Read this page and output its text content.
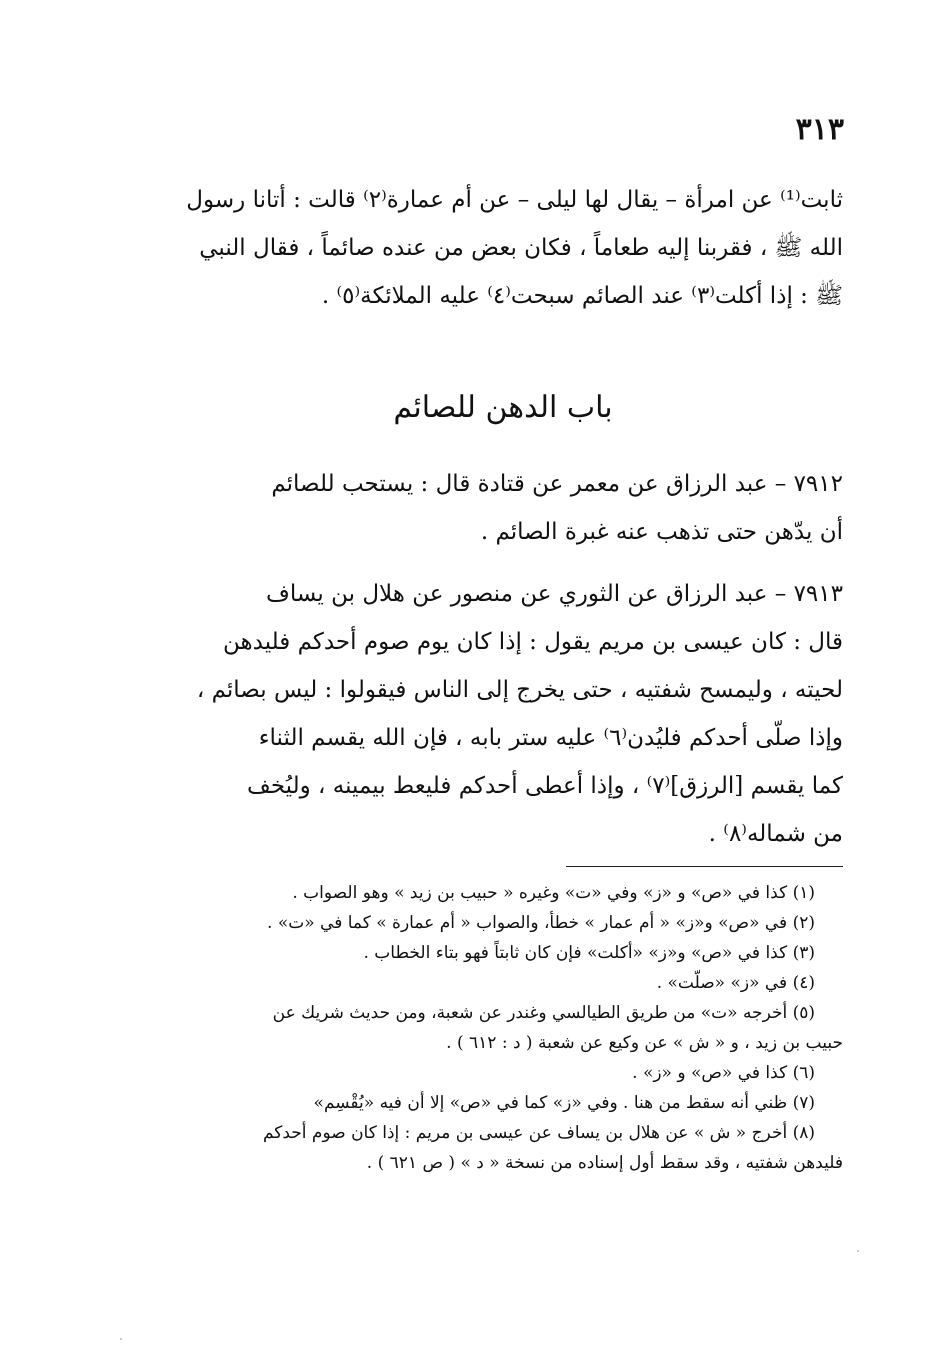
٣١٣
ثابت⁽¹⁾ عن امرأة – يقال لها ليلى – عن أم عمارة⁽٢⁾ قالت : أتانا رسول
الله ﷺ ، فقربنا إليه طعاماً ، فكان بعض من عنده صائماً ، فقال النبي
ﷺ : إذا أكلت⁽٣⁾ عند الصائم سبحت⁽٤⁾ عليه الملائكة⁽٥⁾ .
باب الدهن للصائم
٧٩١٢ – عبد الرزاق عن معمر عن قتادة قال : يستحب للصائم
أن يدّهن حتى تذهب عنه غبرة الصائم .
٧٩١٣ – عبد الرزاق عن الثوري عن منصور عن هلال بن يساف
قال : كان عيسى بن مريم يقول : إذا كان يوم صوم أحدكم فليدهن
لحيته ، وليمسح شفتيه ، حتى يخرج إلى الناس فيقولوا : ليس بصائم ،
وإذا صلّى أحدكم فليُدن⁽٦⁾ عليه ستر بابه ، فإن الله يقسم الثناء
كما يقسم [الرزق]⁽٧⁾ ، وإذا أعطى أحدكم فليعط بيمينه ، وليُخف
من شماله⁽٨⁾ .
(١) كذا في «ص» و «ز» وفي «ت» وغيره « حبيب بن زيد » وهو الصواب .
(٢) في «ص» و«ز» « أم عمار » خطأ، والصواب « أم عمارة » كما في «ت» .
(٣) كذا في «ص» و«ز» «أكلت» فإن كان ثابتاً فهو بتاء الخطاب .
(٤) في «ز» «صلّت» .
(٥) أخرجه «ت» من طريق الطيالسي وغندر عن شعبة، ومن حديث شريك عن
حبيب بن زيد ، و « ش » عن وكيع عن شعبة ( د : ٦١٢ ) .
(٦) كذا في «ص» و «ز» .
(٧) ظني أنه سقط من هنا . وفي «ز» كما في «ص» إلا أن فيه «يُقْسِم»
(٨) أخرج « ش » عن هلال بن يساف عن عيسى بن مريم : إذا كان صوم أحدكم
فليدهن شفتيه ، وقد سقط أول إسناده من نسخة « د » ( ص ٦٢١ ) .
